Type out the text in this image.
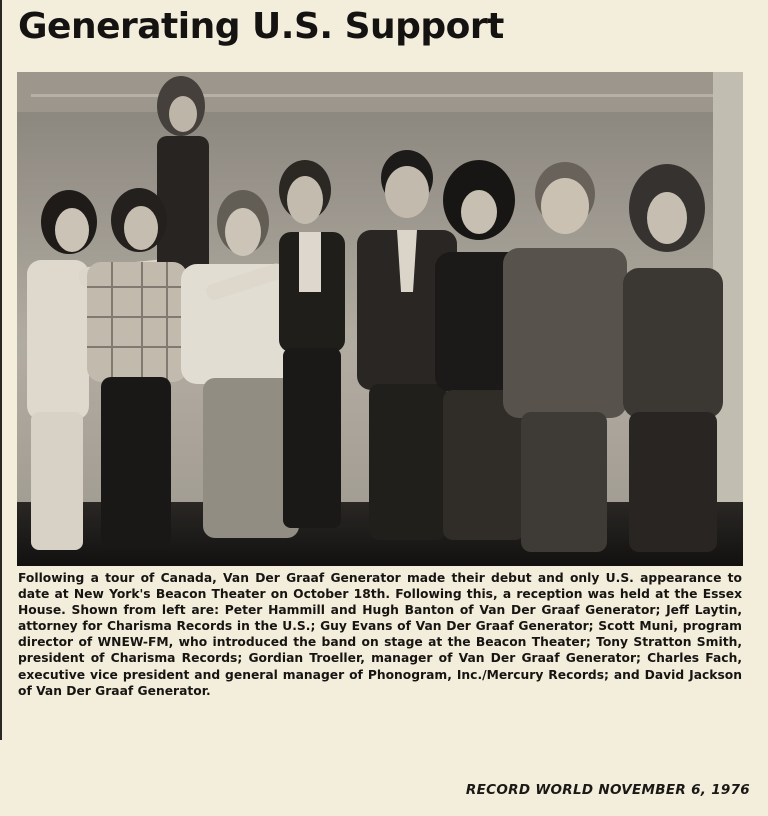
Generating U.S. Support

Following a tour of Canada, Van Der Graaf Generator made their debut and only U.S. appearance to date at New York's Beacon Theater on October 18th. Following this, a reception was held at the Essex House. Shown from left are: Peter Hammill and Hugh Banton of Van Der Graaf Generator; Jeff Laytin, attorney for Charisma Records in the U.S.; Guy Evans of Van Der Graaf Generator; Scott Muni, program director of WNEW-FM, who introduced the band on stage at the Beacon Theater; Tony Stratton Smith, president of Charisma Records; Gordian Troeller, manager of Van Der Graaf Generator; Charles Fach, executive vice president and general manager of Phonogram, Inc./Mercury Records; and David Jackson of Van Der Graaf Generator.

RECORD WORLD NOVEMBER 6, 1976
